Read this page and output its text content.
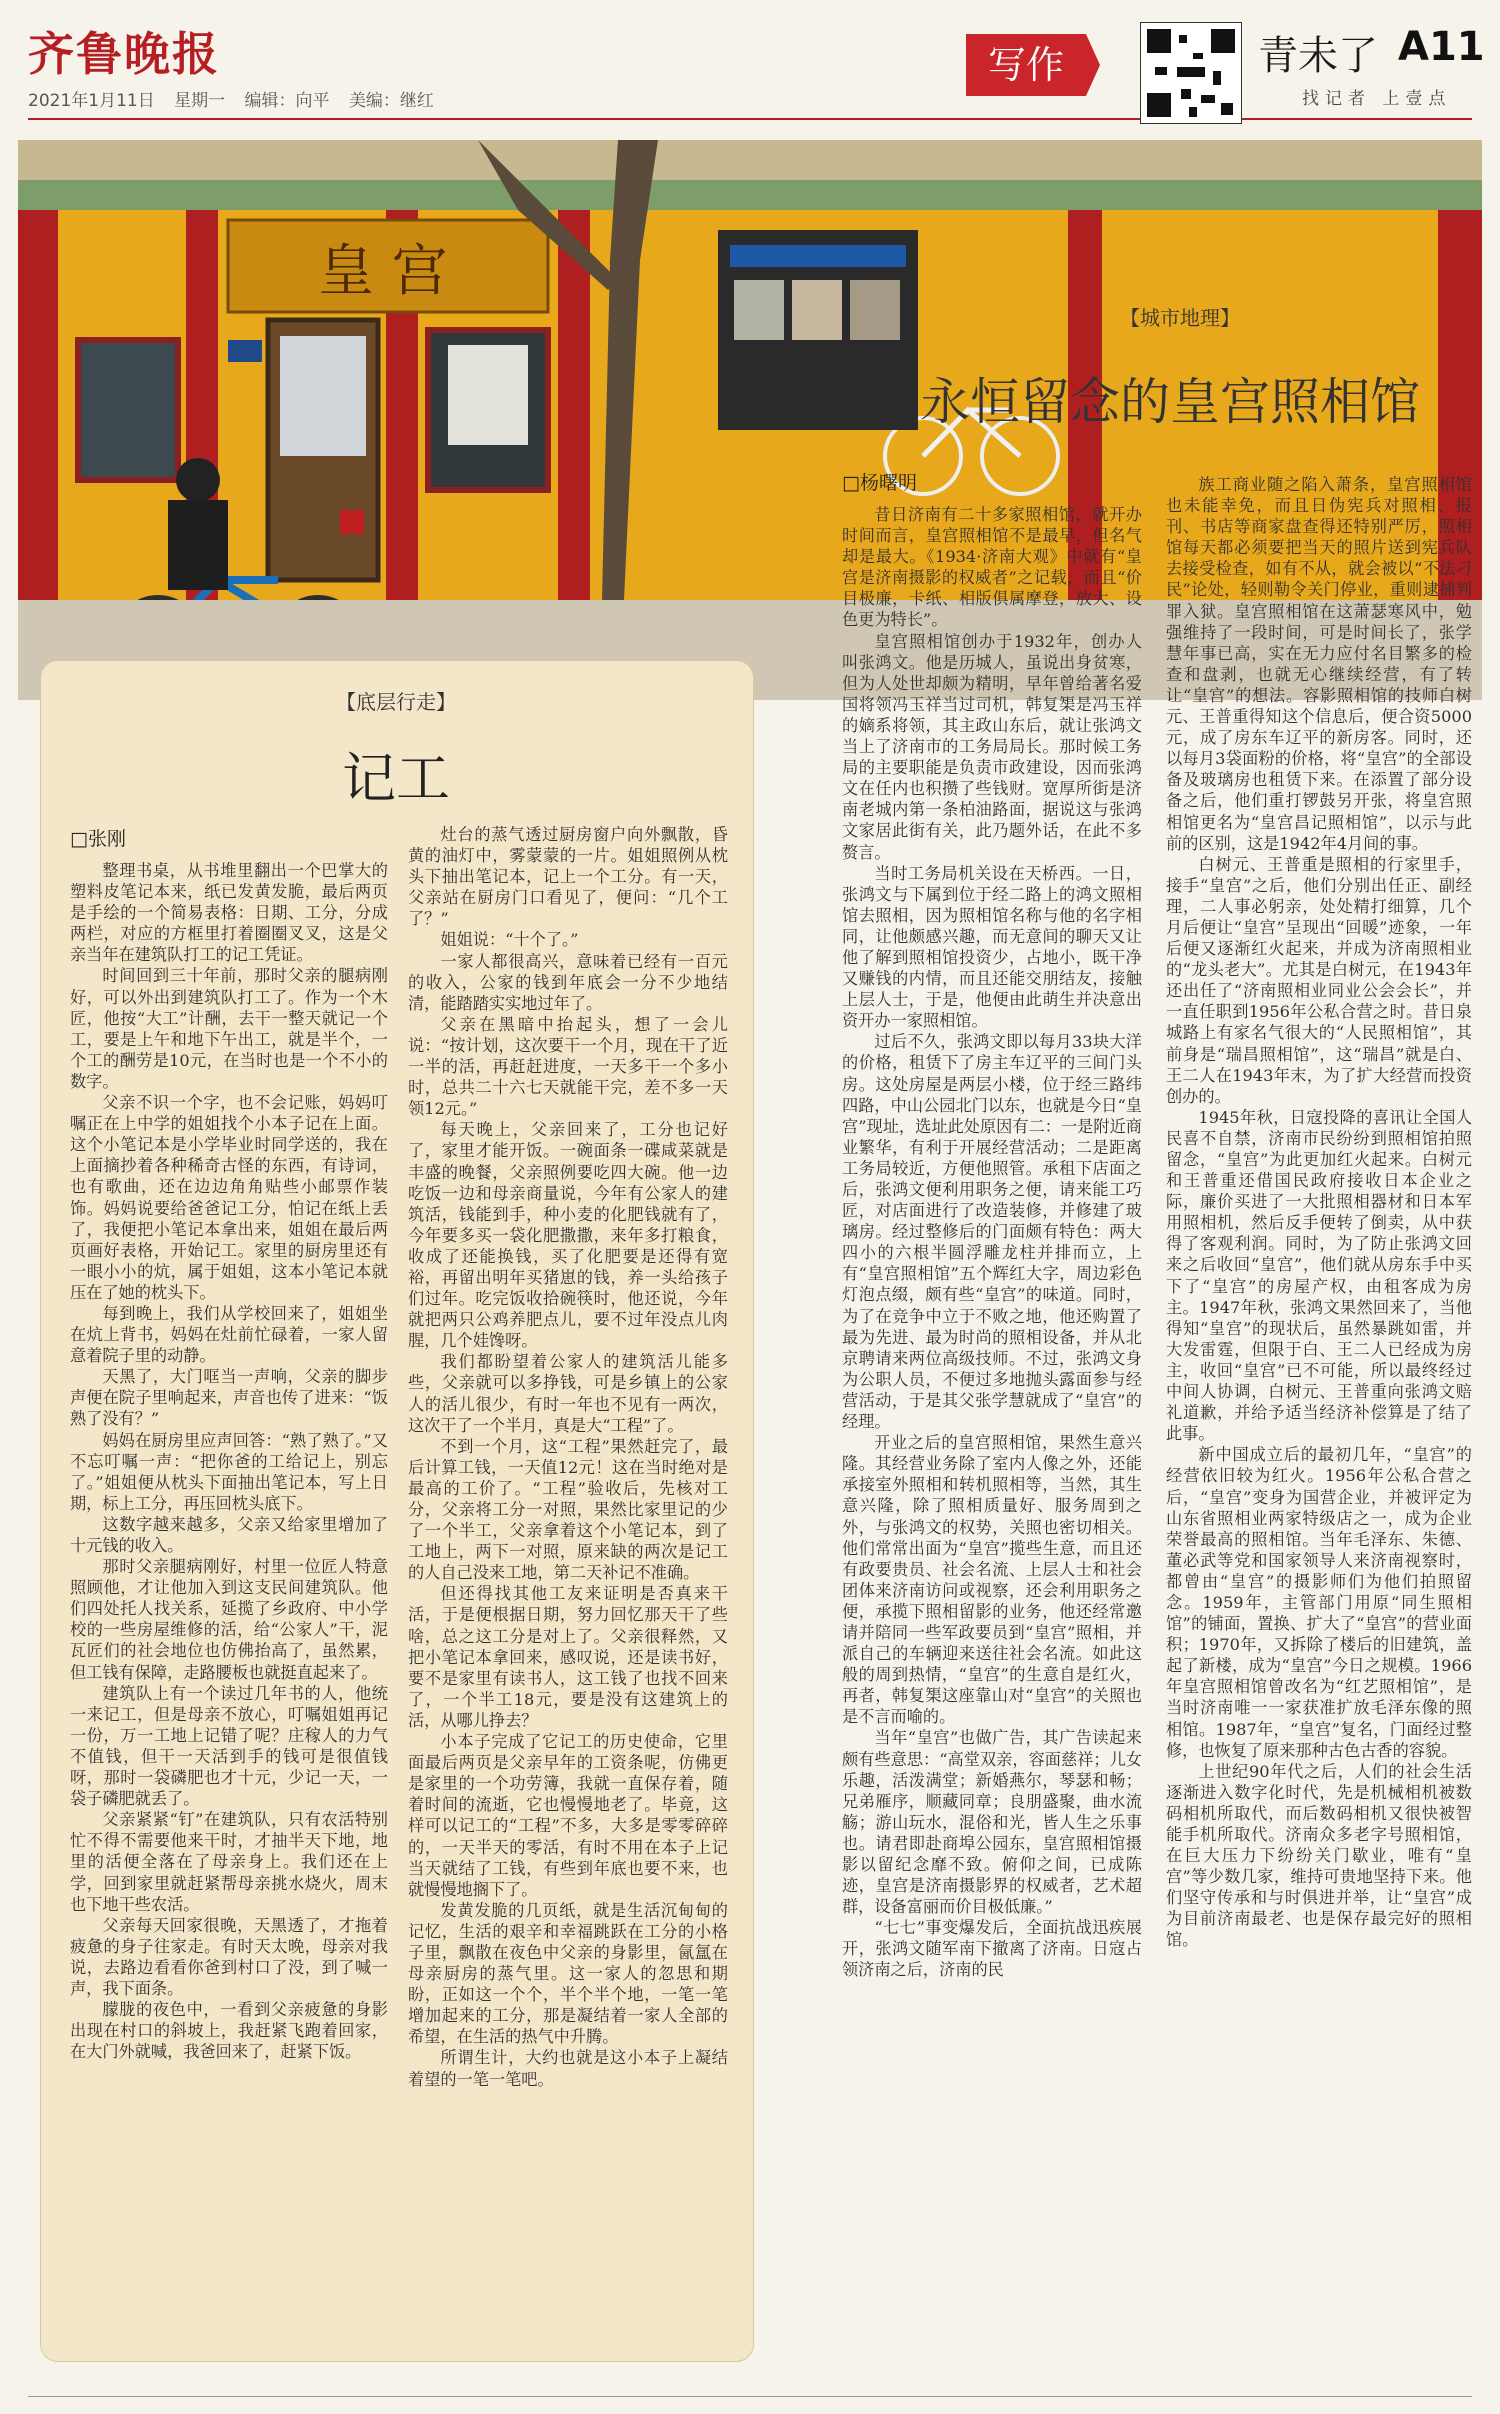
齐鲁晚报
2021年1月11日 星期一 编辑：向平 美编：继红
写作	青未了 A11
找记者 上壹点
皇 宫
【底层行走】
记工
□张刚

整理书桌，从书堆里翻出一个巴掌大的塑料皮笔记本来，纸已发黄发脆，最后两页是手绘的一个简易表格：日期、工分，分成两栏，对应的方框里打着圈圈叉叉，这是父亲当年在建筑队打工的记工凭证。

时间回到三十年前，那时父亲的腿病刚好，可以外出到建筑队打工了。作为一个木匠，他按“大工”计酬，去干一整天就记一个工，要是上午和地下午出工，就是半个，一个工的酬劳是10元，在当时也是一个不小的数字。

父亲不识一个字，也不会记账，妈妈叮嘱正在上中学的姐姐找个小本子记在上面。这个小笔记本是小学毕业时同学送的，我在上面摘抄着各种稀奇古怪的东西，有诗词，也有歌曲，还在边边角角贴些小邮票作装饰。妈妈说要给爸爸记工分，怕记在纸上丢了，我便把小笔记本拿出来，姐姐在最后两页画好表格，开始记工。家里的厨房里还有一眼小小的炕，属于姐姐，这本小笔记本就压在了她的枕头下。

每到晚上，我们从学校回来了，姐姐坐在炕上背书，妈妈在灶前忙碌着，一家人留意着院子里的动静。

天黑了，大门哐当一声响，父亲的脚步声便在院子里响起来，声音也传了进来：“饭熟了没有？”

妈妈在厨房里应声回答：“熟了熟了。”又不忘叮嘱一声：“把你爸的工给记上，别忘了。”姐姐便从枕头下面抽出笔记本，写上日期，标上工分，再压回枕头底下。

这数字越来越多，父亲又给家里增加了十元钱的收入。

那时父亲腿病刚好，村里一位匠人特意照顾他，才让他加入到这支民间建筑队。他们四处托人找关系，延揽了乡政府、中小学校的一些房屋维修的活，给“公家人”干，泥瓦匠们的社会地位也仿佛抬高了，虽然累，但工钱有保障，走路腰板也就挺直起来了。

建筑队上有一个读过几年书的人，他统一来记工，但是母亲不放心，叮嘱姐姐再记一份，万一工地上记错了呢？庄稼人的力气不值钱，但干一天活到手的钱可是很值钱呀，那时一袋磷肥也才十元，少记一天，一袋子磷肥就丢了。

父亲紧紧“钉”在建筑队，只有农活特别忙不得不需要他来干时，才抽半天下地，地里的活便全落在了母亲身上。我们还在上学，回到家里就赶紧帮母亲挑水烧火，周末也下地干些农活。

父亲每天回家很晚，天黑透了，才拖着疲惫的身子往家走。有时天太晚，母亲对我说，去路边看看你爸到村口了没，到了喊一声，我下面条。

朦胧的夜色中，一看到父亲疲惫的身影出现在村口的斜坡上，我赶紧飞跑着回家，在大门外就喊，我爸回来了，赶紧下饭。

灶台的蒸气透过厨房窗户向外飘散，昏黄的油灯中，雾蒙蒙的一片。姐姐照例从枕头下抽出笔记本，记上一个工分。有一天，父亲站在厨房门口看见了，便问：“几个工了？”

姐姐说：“十个了。”

一家人都很高兴，意味着已经有一百元的收入，公家的钱到年底会一分不少地结清，能踏踏实实地过年了。

父亲在黑暗中抬起头，想了一会儿说：“按计划，这次要干一个月，现在干了近一半的活，再赶赶进度，一天多干一个多小时，总共二十六七天就能干完，差不多一天领12元。”

每天晚上，父亲回来了，工分也记好了，家里才能开饭。一碗面条一碟咸菜就是丰盛的晚餐，父亲照例要吃四大碗。他一边吃饭一边和母亲商量说，今年有公家人的建筑活，钱能到手，种小麦的化肥钱就有了，今年要多买一袋化肥撒撒，来年多打粮食，收成了还能换钱，买了化肥要是还得有宽裕，再留出明年买猪崽的钱，养一头给孩子们过年。吃完饭收拾碗筷时，他还说，今年就把两只公鸡养肥点儿，要不过年没点儿肉腥，几个娃馋呀。

我们都盼望着公家人的建筑活儿能多些，父亲就可以多挣钱，可是乡镇上的公家人的活儿很少，有时一年也不见有一两次，这次干了一个半月，真是大“工程”了。

不到一个月，这“工程”果然赶完了，最后计算工钱，一天值12元！这在当时绝对是最高的工价了。“工程”验收后，先核对工分，父亲将工分一对照，果然比家里记的少了一个半工，父亲拿着这个小笔记本，到了工地上，两下一对照，原来缺的两次是记工的人自己没来工地，第二天补记不准确。

但还得找其他工友来证明是否真来干活，于是便根据日期，努力回忆那天干了些啥，总之这工分是对上了。父亲很释然，又把小笔记本拿回来，感叹说，还是读书好，要不是家里有读书人，这工钱了也找不回来了，一个半工18元，要是没有这建筑上的活，从哪儿挣去？

小本子完成了它记工的历史使命，它里面最后两页是父亲早年的工资条呢，仿佛更是家里的一个功劳簿，我就一直保存着，随着时间的流逝，它也慢慢地老了。毕竟，这样可以记工的“工程”不多，大多是零零碎碎的，一天半天的零活，有时不用在本子上记当天就结了工钱，有些到年底也要不来，也就慢慢地搁下了。

发黄发脆的几页纸，就是生活沉甸甸的记忆，生活的艰辛和幸福跳跃在工分的小格子里，飘散在夜色中父亲的身影里，氤氲在母亲厨房的蒸气里。这一家人的忽思和期盼，正如这一个个，半个半个地，一笔一笔增加起来的工分，那是凝结着一家人全部的希望，在生活的热气中升腾。

所谓生计，大约也就是这小本子上凝结着望的一笔一笔吧。

【城市地理】
永恒留念的皇宫照相馆
□杨曙明

昔日济南有二十多家照相馆，就开办时间而言，皇宫照相馆不是最早，但名气却是最大。《1934·济南大观》中就有“皇宫是济南摄影的权威者”之记载，而且“价目极廉，卡纸、相版俱属摩登，放大、设色更为特长”。

皇宫照相馆创办于1932年，创办人叫张鸿文。他是历城人，虽说出身贫寒，但为人处世却颇为精明，早年曾给著名爱国将领冯玉祥当过司机，韩复榘是冯玉祥的嫡系将领，其主政山东后，就让张鸿文当上了济南市的工务局局长。那时候工务局的主要职能是负责市政建设，因而张鸿文在任内也积攒了些钱财。宽厚所街是济南老城内第一条柏油路面，据说这与张鸿文家居此街有关，此乃题外话，在此不多赘言。

当时工务局机关设在天桥西。一日，张鸿文与下属到位于经二路上的鸿文照相馆去照相，因为照相馆名称与他的名字相同，让他颇感兴趣，而无意间的聊天又让他了解到照相馆投资少，占地小，既干净又赚钱的内情，而且还能交朋结友，接触上层人士，于是，他便由此萌生并决意出资开办一家照相馆。

过后不久，张鸿文即以每月33块大洋的价格，租赁下了房主车辽平的三间门头房。这处房屋是两层小楼，位于经三路纬四路，中山公园北门以东，也就是今日“皇宫”现址，选址此处原因有二：一是附近商业繁华，有利于开展经营活动；二是距离工务局较近，方便他照管。承租下店面之后，张鸿文便利用职务之便，请来能工巧匠，对店面进行了改造装修，并修建了玻璃房。经过整修后的门面颇有特色：两大四小的六根半圆浮雕龙柱并排而立，上有“皇宫照相馆”五个辉红大字，周边彩色灯泡点缀，颇有些“皇宫”的味道。同时，为了在竞争中立于不败之地，他还购置了最为先进、最为时尚的照相设备，并从北京聘请来两位高级技师。不过，张鸿文身为公职人员，不便过多地抛头露面参与经营活动，于是其父张学慧就成了“皇宫”的经理。

开业之后的皇宫照相馆，果然生意兴隆。其经营业务除了室内人像之外，还能承接室外照相和转机照相等，当然，其生意兴隆，除了照相质量好、服务周到之外，与张鸿文的权势，关照也密切相关。他们常常出面为“皇宫”揽些生意，而且还有政要贵员、社会名流、上层人士和社会团体来济南访问或视察，还会利用职务之便，承揽下照相留影的业务，他还经常邀请并陪同一些军政要员到“皇宫”照相，并派自己的车辆迎来送往社会名流。如此这般的周到热情，“皇宫”的生意自是红火，再者，韩复榘这座靠山对“皇宫”的关照也是不言而喻的。

当年“皇宫”也做广告，其广告读起来颇有些意思：“高堂双亲，容面慈祥；儿女乐趣，活泼满堂；新婚燕尔，琴瑟和畅；兄弟雁序，顺藏同章；良朋盛聚，曲水流觞；游山玩水，混俗和光，皆人生之乐事也。请君即赴商埠公园东，皇宫照相馆摄影以留纪念靡不致。俯仰之间，已成陈迹，皇宫是济南摄影界的权威者，艺术超群，设备富丽而价目极低廉。”

“七七”事变爆发后，全面抗战迅疾展开，张鸿文随军南下撤离了济南。日寇占领济南之后，济南的民

族工商业随之陷入萧条，皇宫照相馆也未能幸免，而且日伪宪兵对照相、报刊、书店等商家盘查得还特别严厉，照相馆每天都必须要把当天的照片送到宪兵队去接受检查，如有不从，就会被以“不法刁民”论处，轻则勒令关门停业，重则逮捕判罪入狱。皇宫照相馆在这萧瑟寒风中，勉强维持了一段时间，可是时间长了，张学慧年事已高，实在无力应付名目繁多的检查和盘剥，也就无心继续经营，有了转让“皇宫”的想法。容影照相馆的技师白树元、王普重得知这个信息后，便合资5000元，成了房东车辽平的新房客。同时，还以每月3袋面粉的价格，将“皇宫”的全部设备及玻璃房也租赁下来。在添置了部分设备之后，他们重打锣鼓另开张，将皇宫照相馆更名为“皇宫昌记照相馆”，以示与此前的区别，这是1942年4月间的事。

白树元、王普重是照相的行家里手，接手“皇宫”之后，他们分别出任正、副经理，二人事必躬亲，处处精打细算，几个月后便让“皇宫”呈现出“回暖”迹象，一年后便又逐渐红火起来，并成为济南照相业的“龙头老大”。尤其是白树元，在1943年还出任了“济南照相业同业公会会长”，并一直任职到1956年公私合营之时。昔日泉城路上有家名气很大的“人民照相馆”，其前身是“瑞昌照相馆”，这“瑞昌”就是白、王二人在1943年末，为了扩大经营而投资创办的。

1945年秋，日寇投降的喜讯让全国人民喜不自禁，济南市民纷纷到照相馆拍照留念，“皇宫”为此更加红火起来。白树元和王普重还借国民政府接收日本企业之际，廉价买进了一大批照相器材和日本军用照相机，然后反手便转了倒卖，从中获得了客观利润。同时，为了防止张鸿文回来之后收回“皇宫”，他们就从房东手中买下了“皇宫”的房屋产权，由租客成为房主。1947年秋，张鸿文果然回来了，当他得知“皇宫”的现状后，虽然暴跳如雷，并大发雷霆，但限于白、王二人已经成为房主，收回“皇宫”已不可能，所以最终经过中间人协调，白树元、王普重向张鸿文赔礼道歉，并给予适当经济补偿算是了结了此事。

新中国成立后的最初几年，“皇宫”的经营依旧较为红火。1956年公私合营之后，“皇宫”变身为国营企业，并被评定为山东省照相业两家特级店之一，成为企业荣誉最高的照相馆。当年毛泽东、朱德、董必武等党和国家领导人来济南视察时，都曾由“皇宫”的摄影师们为他们拍照留念。1959年，主管部门用原“同生照相馆”的铺面，置换、扩大了“皇宫”的营业面积；1970年，又拆除了楼后的旧建筑，盖起了新楼，成为“皇宫”今日之规模。1966年皇宫照相馆曾改名为“红艺照相馆”，是当时济南唯一一家获准扩放毛泽东像的照相馆。1987年，“皇宫”复名，门面经过整修，也恢复了原来那种古色古香的容貌。

上世纪90年代之后，人们的社会生活逐渐进入数字化时代，先是机械相机被数码相机所取代，而后数码相机又很快被智能手机所取代。济南众多老字号照相馆，在巨大压力下纷纷关门歇业，唯有“皇宫”等少数几家，维持可贵地坚持下来。他们坚守传承和与时俱进并举，让“皇宫”成为目前济南最老、也是保存最完好的照相馆。
